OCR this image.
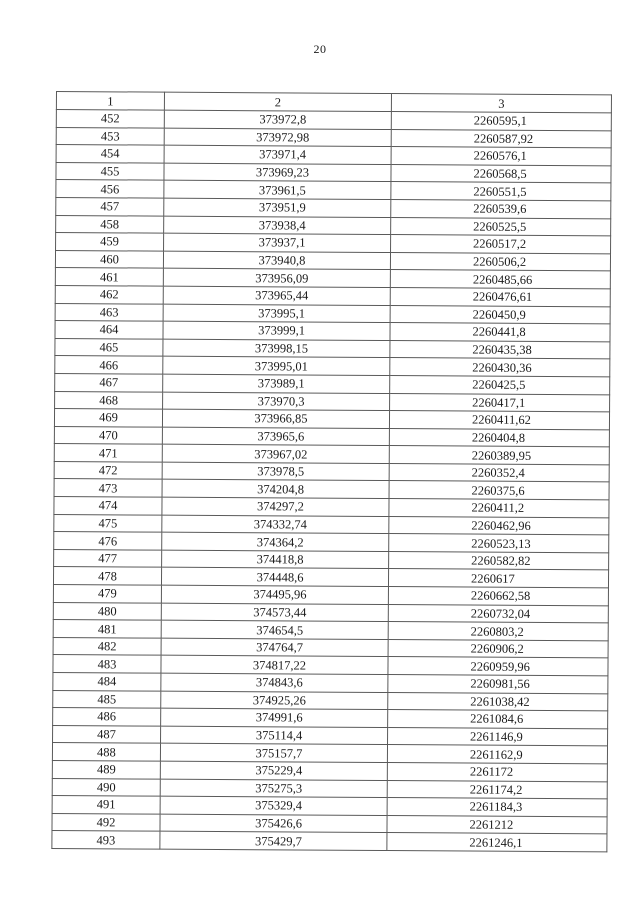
20
1	2	3
452	373972,8	2260595,1
453	373972,98	2260587,92
454	373971,4	2260576,1
455	373969,23	2260568,5
456	373961,5	2260551,5
457	373951,9	2260539,6
458	373938,4	2260525,5
459	373937,1	2260517,2
460	373940,8	2260506,2
461	373956,09	2260485,66
462	373965,44	2260476,61
463	373995,1	2260450,9
464	373999,1	2260441,8
465	373998,15	2260435,38
466	373995,01	2260430,36
467	373989,1	2260425,5
468	373970,3	2260417,1
469	373966,85	2260411,62
470	373965,6	2260404,8
471	373967,02	2260389,95
472	373978,5	2260352,4
473	374204,8	2260375,6
474	374297,2	2260411,2
475	374332,74	2260462,96
476	374364,2	2260523,13
477	374418,8	2260582,82
478	374448,6	2260617
479	374495,96	2260662,58
480	374573,44	2260732,04
481	374654,5	2260803,2
482	374764,7	2260906,2
483	374817,22	2260959,96
484	374843,6	2260981,56
485	374925,26	2261038,42
486	374991,6	2261084,6
487	375114,4	2261146,9
488	375157,7	2261162,9
489	375229,4	2261172
490	375275,3	2261174,2
491	375329,4	2261184,3
492	375426,6	2261212
493	375429,7	2261246,1
